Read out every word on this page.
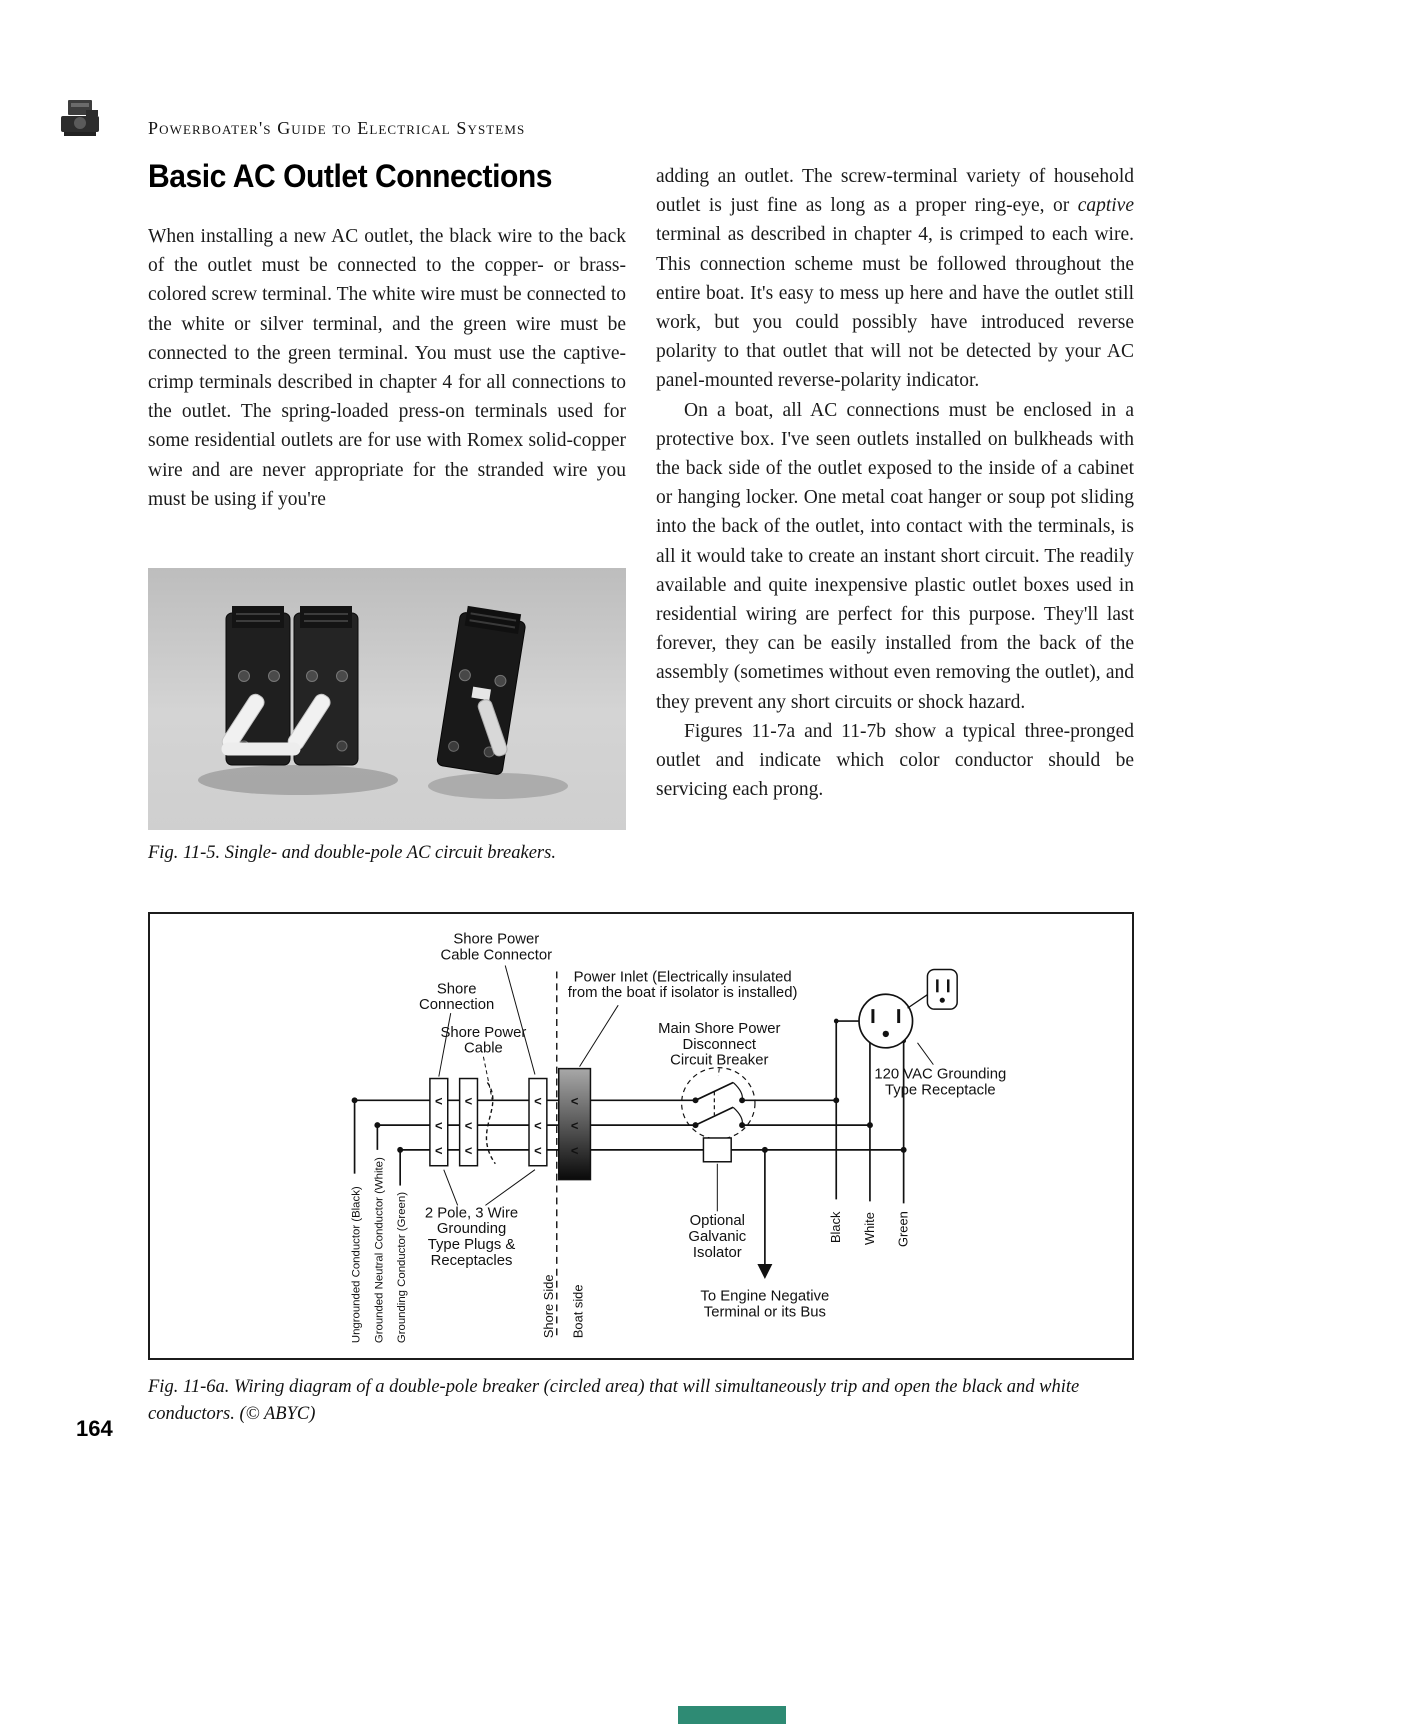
Powerboater's Guide to Electrical Systems
Basic AC Outlet Connections

When installing a new AC outlet, the black wire to the back of the outlet must be connected to the copper- or brass-colored screw terminal. The white wire must be connected to the white or silver terminal, and the green wire must be connected to the green terminal. You must use the captive-crimp terminals described in chapter 4 for all connections to the outlet. The spring-loaded press-on terminals used for some residential outlets are for use with Romex solid-copper wire and are never appropriate for the stranded wire you must be using if you're

adding an outlet. The screw-terminal variety of household outlet is just fine as long as a proper ring-eye, or captive terminal as described in chapter 4, is crimped to each wire. This connection scheme must be followed throughout the entire boat. It's easy to mess up here and have the outlet still work, but you could possibly have introduced reverse polarity to that outlet that will not be detected by your AC panel-mounted reverse-polarity indicator.

On a boat, all AC connections must be enclosed in a protective box. I've seen outlets installed on bulkheads with the back side of the outlet exposed to the inside of a cabinet or hanging locker. One metal coat hanger or soup pot sliding into the back of the outlet, into contact with the terminals, is all it would take to create an instant short circuit. The readily available and quite inexpensive plastic outlet boxes used in residential wiring are perfect for this purpose. They'll last forever, they can be easily installed from the back of the assembly (sometimes without even removing the outlet), and they prevent any short circuits or shock hazard.

Figures 11-7a and 11-7b show a typical three-pronged outlet and indicate which color conductor should be servicing each prong.

Fig. 11-5. Single- and double-pole AC circuit breakers.
<
<
<
<
<
<
<
<
<
<
<
<
Shore Power
Cable Connector
Shore
Connection
Shore Power
Cable
Power Inlet (Electrically insulated
from the boat if isolator is installed)
Main Shore Power
Disconnect
Circuit Breaker
120 VAC Grounding
Type Receptacle
2 Pole, 3 Wire
Grounding
Type Plugs &
Receptacles
Optional
Galvanic
Isolator
To Engine Negative
Terminal or its Bus
Ungrounded Conductor (Black) Grounded Neutral Conductor (White) Grounding Conductor (Green)	Shore Side Boat side
Black White Green
Fig. 11-6a. Wiring diagram of a double-pole breaker (circled area) that will simultaneously trip and open the black and white conductors. (© ABYC)
164
